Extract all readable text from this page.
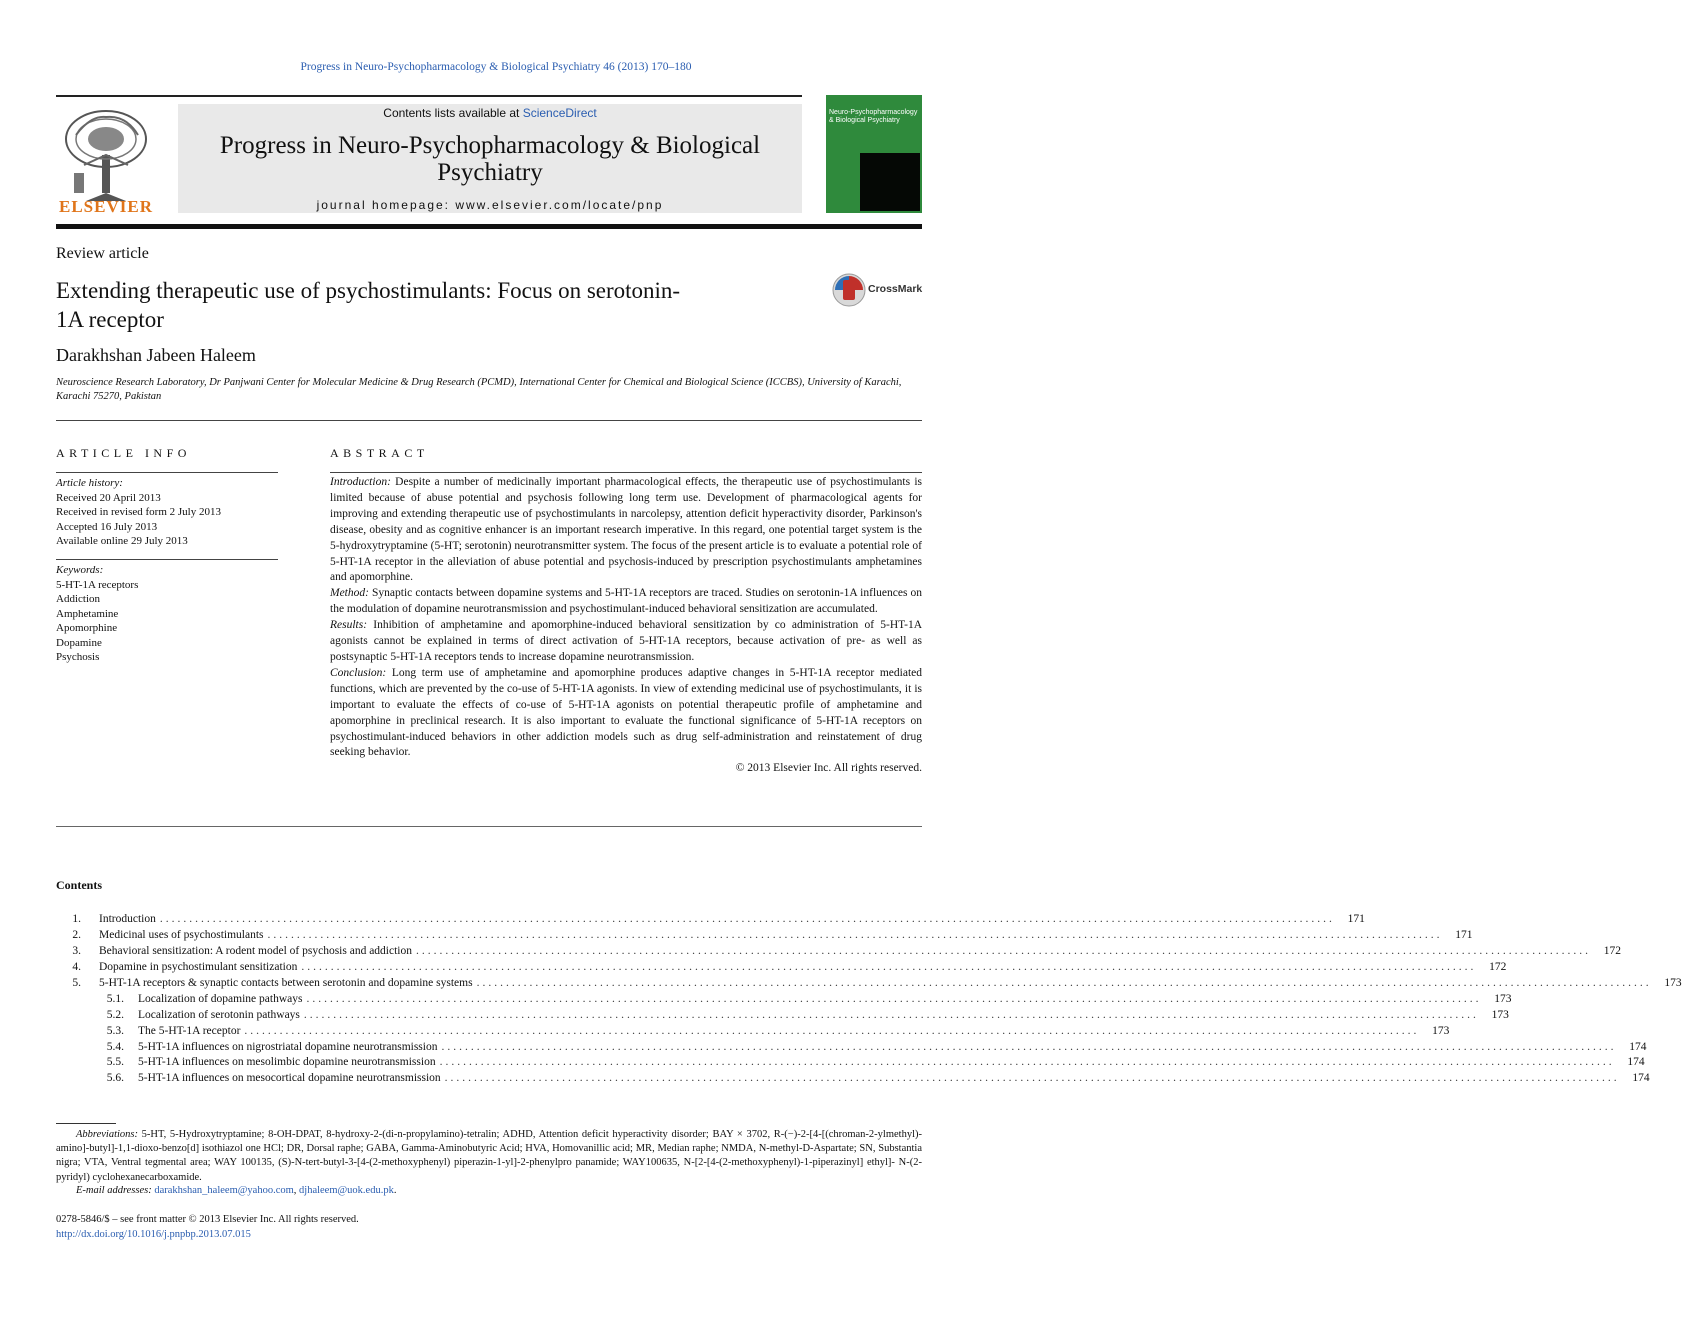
Progress in Neuro-Psychopharmacology & Biological Psychiatry 46 (2013) 170–180
ELSEVIER
Contents lists available at ScienceDirect
Progress in Neuro-Psychopharmacology & Biological Psychiatry
journal homepage: www.elsevier.com/locate/pnp
Neuro-Psychopharmacology & Biological Psychiatry
Review article
Extending therapeutic use of psychostimulants: Focus on serotonin-1A receptor
CrossMark
Darakhshan Jabeen Haleem
Neuroscience Research Laboratory, Dr Panjwani Center for Molecular Medicine & Drug Research (PCMD), International Center for Chemical and Biological Science (ICCBS), University of Karachi, Karachi 75270, Pakistan
ARTICLE INFO	ABSTRACT
Article history:
Received 20 April 2013
Received in revised form 2 July 2013
Accepted 16 July 2013
Available online 29 July 2013
Keywords:
5-HT-1A receptors
Addiction
Amphetamine
Apomorphine
Dopamine
Psychosis

Introduction: Despite a number of medicinally important pharmacological effects, the therapeutic use of psychostimulants is limited because of abuse potential and psychosis following long term use. Development of pharmacological agents for improving and extending therapeutic use of psychostimulants in narcolepsy, attention deficit hyperactivity disorder, Parkinson's disease, obesity and as cognitive enhancer is an important research imperative. In this regard, one potential target system is the 5-hydroxytryptamine (5-HT; serotonin) neurotransmitter system. The focus of the present article is to evaluate a potential role of 5-HT-1A receptor in the alleviation of abuse potential and psychosis-induced by prescription psychostimulants amphetamines and apomorphine.

Method: Synaptic contacts between dopamine systems and 5-HT-1A receptors are traced. Studies on serotonin-1A influences on the modulation of dopamine neurotransmission and psychostimulant-induced behavioral sensitization are accumulated.

Results: Inhibition of amphetamine and apomorphine-induced behavioral sensitization by co administration of 5-HT-1A agonists cannot be explained in terms of direct activation of 5-HT-1A receptors, because activation of pre- as well as postsynaptic 5-HT-1A receptors tends to increase dopamine neurotransmission.

Conclusion: Long term use of amphetamine and apomorphine produces adaptive changes in 5-HT-1A receptor mediated functions, which are prevented by the co-use of 5-HT-1A agonists. In view of extending medicinal use of psychostimulants, it is important to evaluate the effects of co-use of 5-HT-1A agonists on potential therapeutic profile of amphetamine and apomorphine in preclinical research. It is also important to evaluate the functional significance of 5-HT-1A receptors on psychostimulant-induced behaviors in other addiction models such as drug self-administration and reinstatement of drug seeking behavior.

© 2013 Elsevier Inc. All rights reserved.

Contents
1. Introduction ........................................................................................................................................................................................................	171
2. Medicinal uses of psychostimulants ........................................................................................................................................................................................................	171
3. Behavioral sensitization: A rodent model of psychosis and addiction ........................................................................................................................................................................................................	172
4. Dopamine in psychostimulant sensitization ........................................................................................................................................................................................................	172
5. 5-HT-1A receptors & synaptic contacts between serotonin and dopamine systems ........................................................................................................................................................................................................	173
5.1. Localization of dopamine pathways ........................................................................................................................................................................................................	173
5.2. Localization of serotonin pathways ........................................................................................................................................................................................................	173
5.3. The 5-HT-1A receptor ........................................................................................................................................................................................................	173
5.4. 5-HT-1A influences on nigrostriatal dopamine neurotransmission ........................................................................................................................................................................................................	174
5.5. 5-HT-1A influences on mesolimbic dopamine neurotransmission ........................................................................................................................................................................................................	174
5.6. 5-HT-1A influences on mesocortical dopamine neurotransmission ........................................................................................................................................................................................................	174
Abbreviations: 5-HT, 5-Hydroxytryptamine; 8-OH-DPAT, 8-hydroxy-2-(di-n-propylamino)-tetralin; ADHD, Attention deficit hyperactivity disorder; BAY × 3702, R-(−)-2-[4-[(chroman-2-ylmethyl)- amino]-butyl]-1,1-dioxo-benzo[d] isothiazol one HCl; DR, Dorsal raphe; GABA, Gamma-Aminobutyric Acid; HVA, Homovanillic acid; MR, Median raphe; NMDA, N-methyl-D-Aspartate; SN, Substantia nigra; VTA, Ventral tegmental area; WAY 100135, (S)-N-tert-butyl-3-[4-(2-methoxyphenyl) piperazin-1-yl]-2-phenylpro panamide; WAY100635, N-[2-[4-(2-methoxyphenyl)-1-piperazinyl] ethyl]- N-(2-pyridyl) cyclohexanecarboxamide.
E-mail addresses: darakhshan_haleem@yahoo.com, djhaleem@uok.edu.pk.
0278-5846/$ – see front matter © 2013 Elsevier Inc. All rights reserved.
http://dx.doi.org/10.1016/j.pnpbp.2013.07.015
